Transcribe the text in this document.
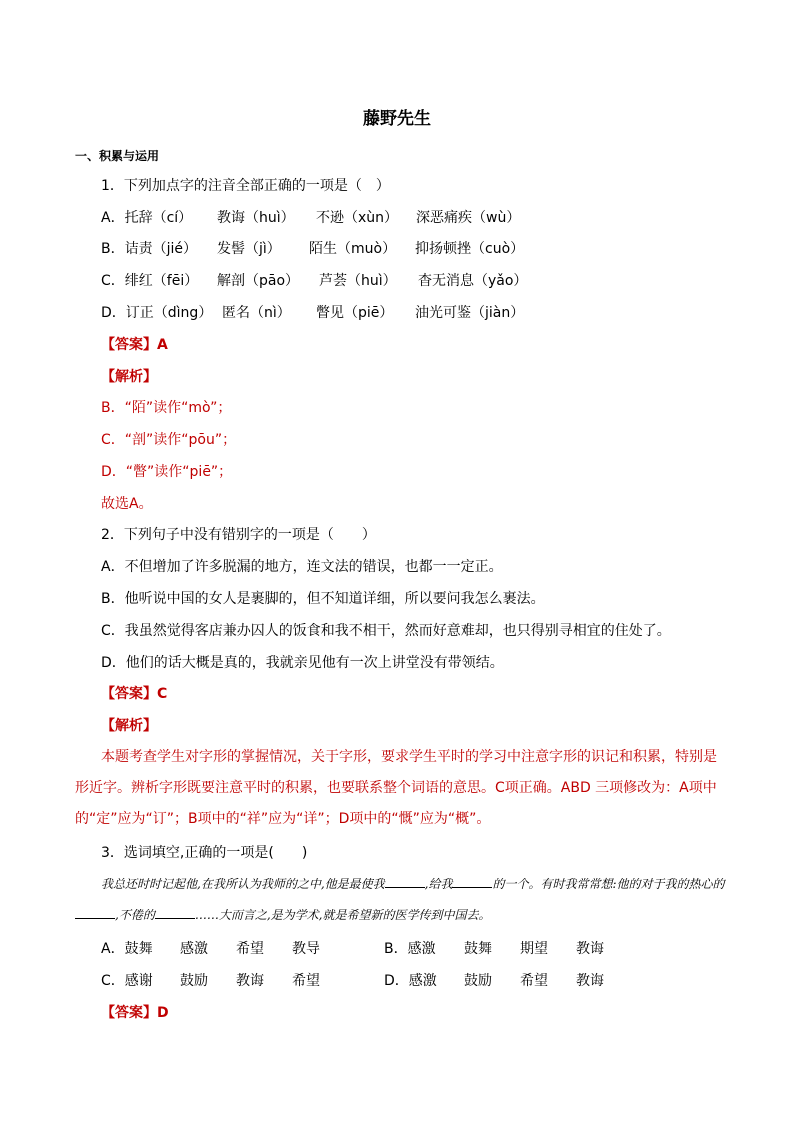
藤野先生
一、积累与运用
1．下列加点字的注音全部正确的一项是（　）
A．托辞（cí） 教诲（huì） 不逊（xùn） 深恶痛疾（wù）
B．诘责（jié） 发髻（jì） 陌生（muò） 抑扬顿挫（cuò）
C．绯红（fēi） 解剖（pāo） 芦荟（huì） 杳无消息（yǎo）
D．订正（dìng） 匿名（nì） 瞥见（piē） 油光可鉴（jiàn）
【答案】A
【解析】
B．“陌”读作“mò”；
C．“剖”读作“pōu”；
D．“瞥”读作“piē”；
故选A。
2．下列句子中没有错别字的一项是（　　）
A．不但增加了许多脱漏的地方，连文法的错误，也都一一定正。
B．他听说中国的女人是裹脚的，但不知道详细，所以要问我怎么裹法。
C．我虽然觉得客店兼办囚人的饭食和我不相干，然而好意难却，也只得别寻相宜的住处了。
D．他们的话大概是真的，我就亲见他有一次上讲堂没有带领结。
【答案】C
【解析】
本题考查学生对字形的掌握情况，关于字形，要求学生平时的学习中注意字形的识记和积累，特别是形近字。辨析字形既要注意平时的积累，也要联系整个词语的意思。C项正确。ABD 三项修改为：A项中的“定”应为“订”；B项中的“祥”应为“详”；D项中的“慨”应为“概”。
3．选词填空,正确的一项是(　　)
我总还时时记起他,在我所认为我师的之中,他是最使我	,给我	的一个。有时我常常想:他的对于我的热心的,不倦的	……大而言之,是为学术,就是希望新的医学传到中国去。
A．鼓舞 感激 希望 教导	B．感激 鼓舞 期望 教诲
C．感谢 鼓励 教诲 希望	D．感激 鼓励 希望 教诲
【答案】D
